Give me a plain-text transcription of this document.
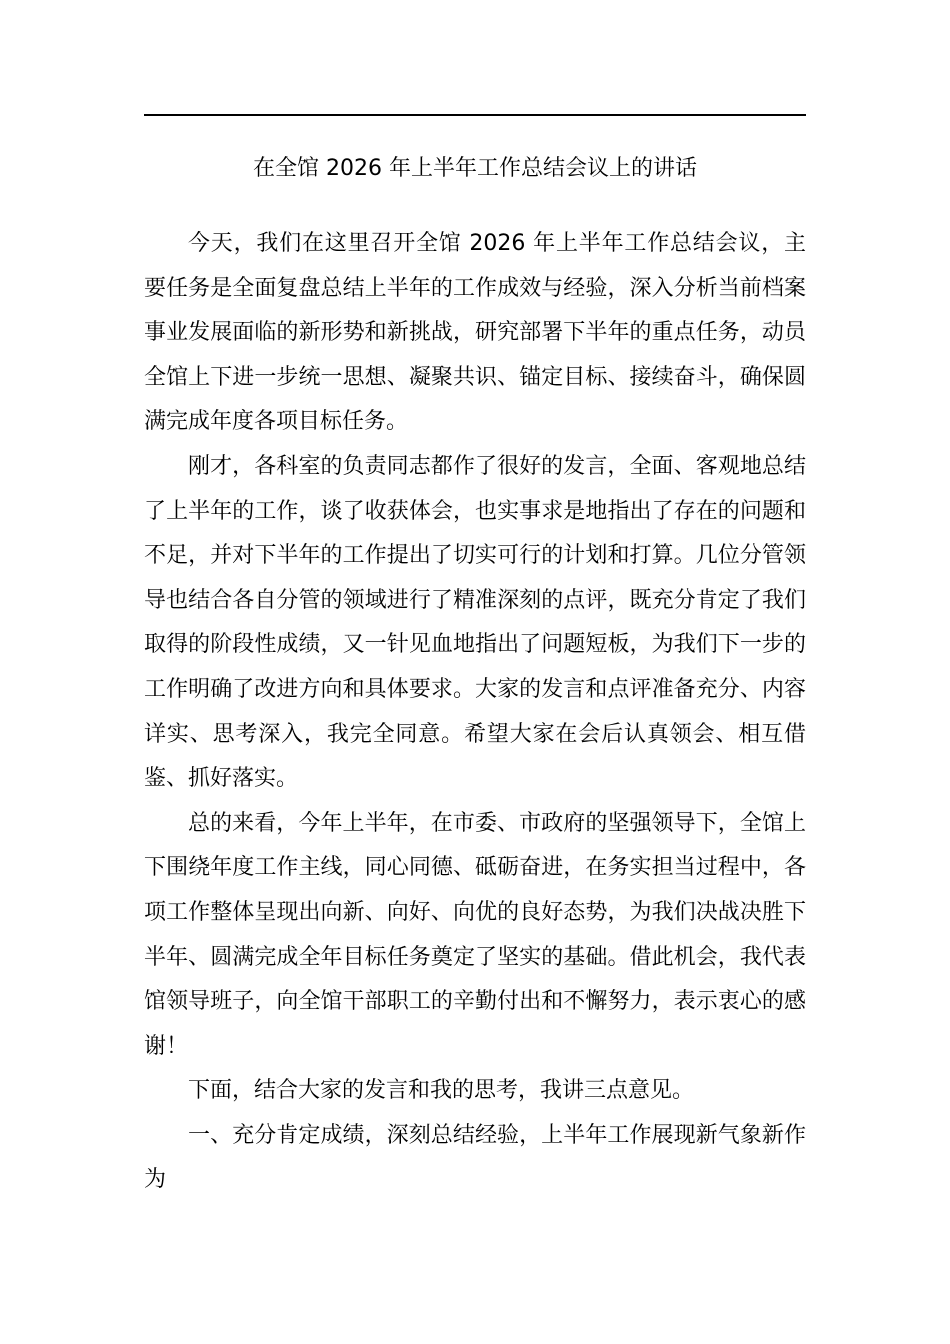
在全馆 2026 年上半年工作总结会议上的讲话

今天，我们在这里召开全馆 2026 年上半年工作总结会议，主要任务是全面复盘总结上半年的工作成效与经验，深入分析当前档案事业发展面临的新形势和新挑战，研究部署下半年的重点任务，动员全馆上下进一步统一思想、凝聚共识、锚定目标、接续奋斗，确保圆满完成年度各项目标任务。

刚才，各科室的负责同志都作了很好的发言，全面、客观地总结了上半年的工作，谈了收获体会，也实事求是地指出了存在的问题和不足，并对下半年的工作提出了切实可行的计划和打算。几位分管领导也结合各自分管的领域进行了精准深刻的点评，既充分肯定了我们取得的阶段性成绩，又一针见血地指出了问题短板，为我们下一步的工作明确了改进方向和具体要求。大家的发言和点评准备充分、内容详实、思考深入，我完全同意。希望大家在会后认真领会、相互借鉴、抓好落实。

总的来看，今年上半年，在市委、市政府的坚强领导下，全馆上下围绕年度工作主线，同心同德、砥砺奋进，在务实担当过程中，各项工作整体呈现出向新、向好、向优的良好态势，为我们决战决胜下半年、圆满完成全年目标任务奠定了坚实的基础。借此机会，我代表馆领导班子，向全馆干部职工的辛勤付出和不懈努力，表示衷心的感谢！

下面，结合大家的发言和我的思考，我讲三点意见。

一、充分肯定成绩，深刻总结经验，上半年工作展现新气象新作为
